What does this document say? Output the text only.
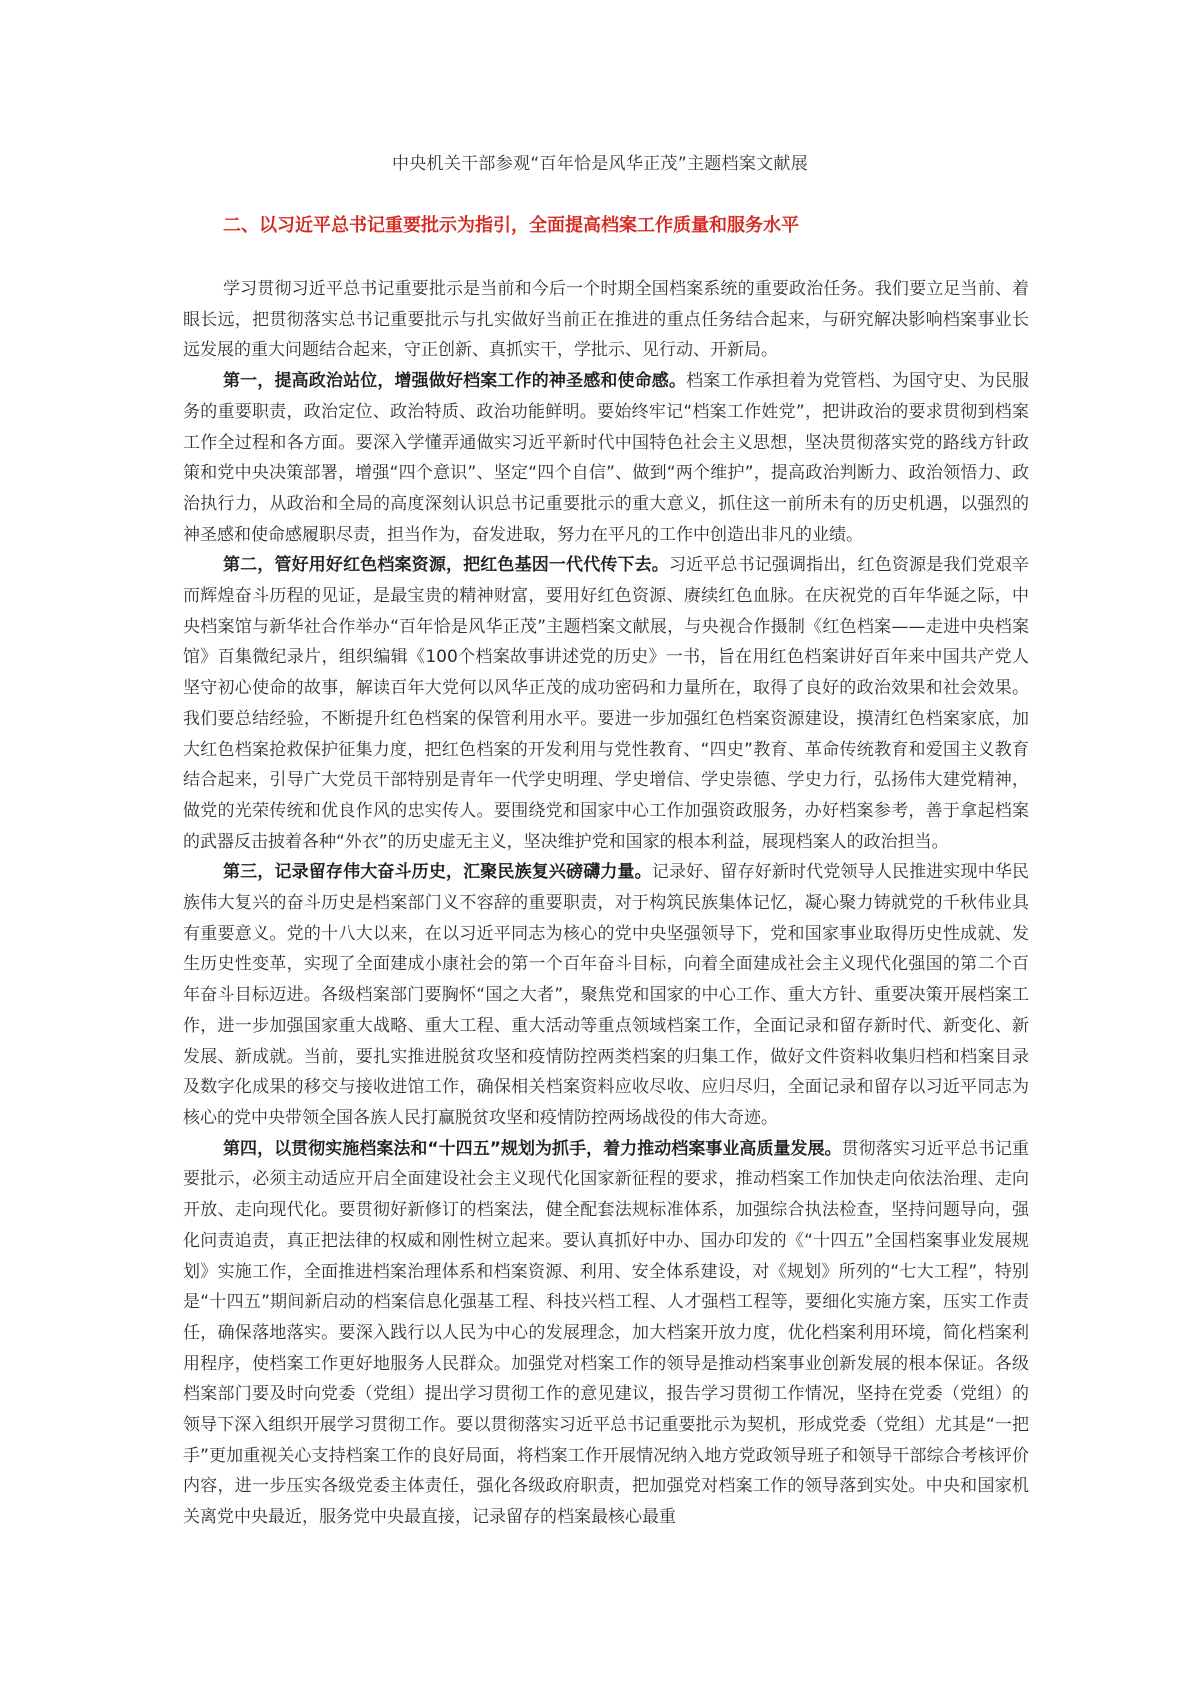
中央机关干部参观“百年恰是风华正茂”主题档案文献展
二、以习近平总书记重要批示为指引，全面提高档案工作质量和服务水平

学习贯彻习近平总书记重要批示是当前和今后一个时期全国档案系统的重要政治任务。我们要立足当前、着眼长远，把贯彻落实总书记重要批示与扎实做好当前正在推进的重点任务结合起来，与研究解决影响档案事业长远发展的重大问题结合起来，守正创新、真抓实干，学批示、见行动、开新局。

第一，提高政治站位，增强做好档案工作的神圣感和使命感。档案工作承担着为党管档、为国守史、为民服务的重要职责，政治定位、政治特质、政治功能鲜明。要始终牢记“档案工作姓党”，把讲政治的要求贯彻到档案工作全过程和各方面。要深入学懂弄通做实习近平新时代中国特色社会主义思想，坚决贯彻落实党的路线方针政策和党中央决策部署，增强“四个意识”、坚定“四个自信”、做到“两个维护”，提高政治判断力、政治领悟力、政治执行力，从政治和全局的高度深刻认识总书记重要批示的重大意义，抓住这一前所未有的历史机遇，以强烈的神圣感和使命感履职尽责，担当作为，奋发进取，努力在平凡的工作中创造出非凡的业绩。

第二，管好用好红色档案资源，把红色基因一代代传下去。习近平总书记强调指出，红色资源是我们党艰辛而辉煌奋斗历程的见证，是最宝贵的精神财富，要用好红色资源、赓续红色血脉。在庆祝党的百年华诞之际，中央档案馆与新华社合作举办“百年恰是风华正茂”主题档案文献展，与央视合作摄制《红色档案——走进中央档案馆》百集微纪录片，组织编辑《100个档案故事讲述党的历史》一书，旨在用红色档案讲好百年来中国共产党人坚守初心使命的故事，解读百年大党何以风华正茂的成功密码和力量所在，取得了良好的政治效果和社会效果。我们要总结经验，不断提升红色档案的保管利用水平。要进一步加强红色档案资源建设，摸清红色档案家底，加大红色档案抢救保护征集力度，把红色档案的开发利用与党性教育、“四史”教育、革命传统教育和爱国主义教育结合起来，引导广大党员干部特别是青年一代学史明理、学史增信、学史崇德、学史力行，弘扬伟大建党精神，做党的光荣传统和优良作风的忠实传人。要围绕党和国家中心工作加强资政服务，办好档案参考，善于拿起档案的武器反击披着各种“外衣”的历史虚无主义，坚决维护党和国家的根本利益，展现档案人的政治担当。

第三，记录留存伟大奋斗历史，汇聚民族复兴磅礴力量。记录好、留存好新时代党领导人民推进实现中华民族伟大复兴的奋斗历史是档案部门义不容辞的重要职责，对于构筑民族集体记忆，凝心聚力铸就党的千秋伟业具有重要意义。党的十八大以来，在以习近平同志为核心的党中央坚强领导下，党和国家事业取得历史性成就、发生历史性变革，实现了全面建成小康社会的第一个百年奋斗目标，向着全面建成社会主义现代化强国的第二个百年奋斗目标迈进。各级档案部门要胸怀“国之大者”，聚焦党和国家的中心工作、重大方针、重要决策开展档案工作，进一步加强国家重大战略、重大工程、重大活动等重点领域档案工作，全面记录和留存新时代、新变化、新发展、新成就。当前，要扎实推进脱贫攻坚和疫情防控两类档案的归集工作，做好文件资料收集归档和档案目录及数字化成果的移交与接收进馆工作，确保相关档案资料应收尽收、应归尽归，全面记录和留存以习近平同志为核心的党中央带领全国各族人民打赢脱贫攻坚和疫情防控两场战役的伟大奇迹。

第四，以贯彻实施档案法和“十四五”规划为抓手，着力推动档案事业高质量发展。贯彻落实习近平总书记重要批示，必须主动适应开启全面建设社会主义现代化国家新征程的要求，推动档案工作加快走向依法治理、走向开放、走向现代化。要贯彻好新修订的档案法，健全配套法规标准体系，加强综合执法检查，坚持问题导向，强化问责追责，真正把法律的权威和刚性树立起来。要认真抓好中办、国办印发的《“十四五”全国档案事业发展规划》实施工作，全面推进档案治理体系和档案资源、利用、安全体系建设，对《规划》所列的“七大工程”，特别是“十四五”期间新启动的档案信息化强基工程、科技兴档工程、人才强档工程等，要细化实施方案，压实工作责任，确保落地落实。要深入践行以人民为中心的发展理念，加大档案开放力度，优化档案利用环境，简化档案利用程序，使档案工作更好地服务人民群众。加强党对档案工作的领导是推动档案事业创新发展的根本保证。各级档案部门要及时向党委（党组）提出学习贯彻工作的意见建议，报告学习贯彻工作情况，坚持在党委（党组）的领导下深入组织开展学习贯彻工作。要以贯彻落实习近平总书记重要批示为契机，形成党委（党组）尤其是“一把手”更加重视关心支持档案工作的良好局面，将档案工作开展情况纳入地方党政领导班子和领导干部综合考核评价内容，进一步压实各级党委主体责任，强化各级政府职责，把加强党对档案工作的领导落到实处。中央和国家机关离党中央最近，服务党中央最直接，记录留存的档案最核心最重
